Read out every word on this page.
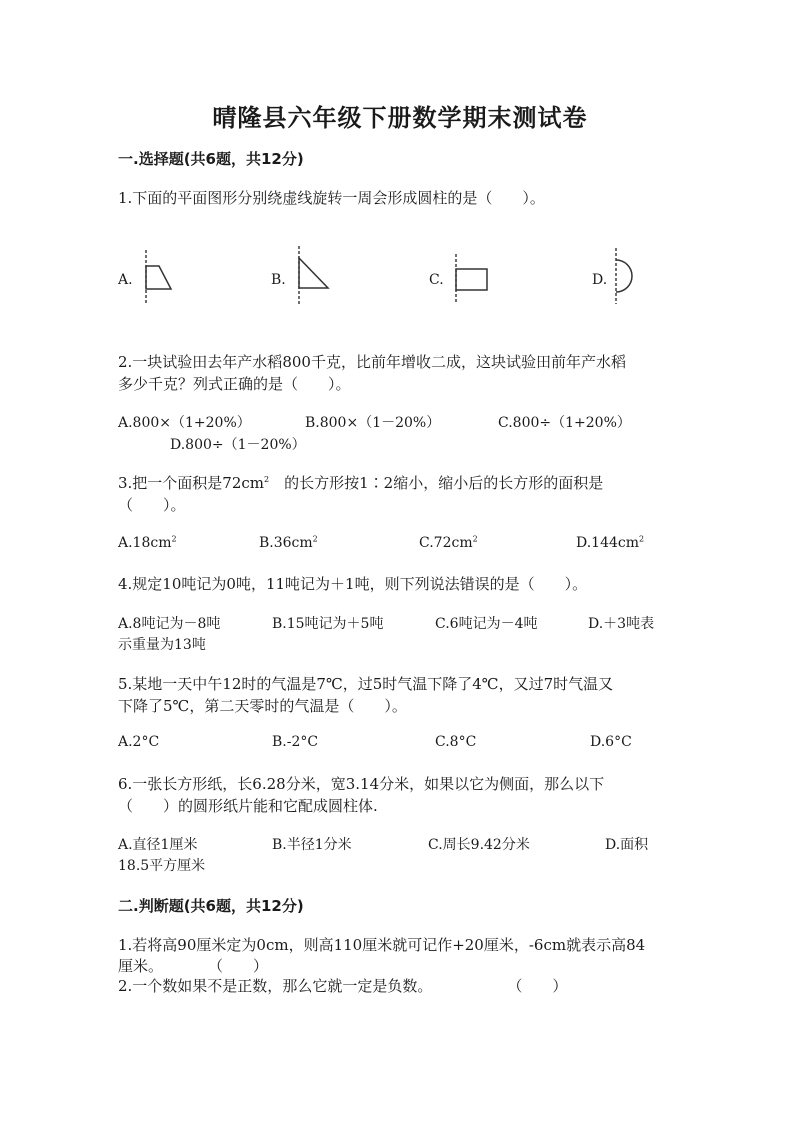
晴隆县六年级下册数学期末测试卷
一.选择题(共6题，共12分)
1.下面的平面图形分别绕虚线旋转一周会形成圆柱的是（　　）。
A.	B.	C.	D.
2.一块试验田去年产水稻800千克，比前年增收二成，这块试验田前年产水稻
多少千克？列式正确的是（　　）。
A.800×（1+20%）	B.800×（1－20%）	C.800÷（1+20%）
D.800÷（1－20%）
3.把一个面积是$72cm^2$　 的长方形按1∶2缩小，缩小后的长方形的面积是
（　　）。
$A.18cm^2$	$B.36cm^2$	$C.72cm^2$	$D.144cm^2$
4.规定10吨记为0吨，11吨记为＋1吨，则下列说法错误的是（　　）。
A.8吨记为－8吨	B.15吨记为＋5吨	C.6吨记为－4吨	D.＋3吨表
示重量为13吨
5.某地一天中午12时的气温是7℃，过5时气温下降了4℃，又过7时气温又
下降了5℃，第二天零时的气温是（　　）。
A.2°C	B.-2°C	C.8°C	D.6°C
6.一张长方形纸，长6.28分米，宽3.14分米，如果以它为侧面，那么以下
（　　）的圆形纸片能和它配成圆柱体.
A.直径1厘米	B.半径1分米	C.周长9.42分米	D.面积
18.5平方厘米
二.判断题(共6题，共12分)
1.若将高90厘米定为0cm，则高110厘米就可记作+20厘米，-6cm就表示高84
厘米。　　　　（　　）
2.一个数如果不是正数，那么它就一定是负数。　　　　　　（　　）
